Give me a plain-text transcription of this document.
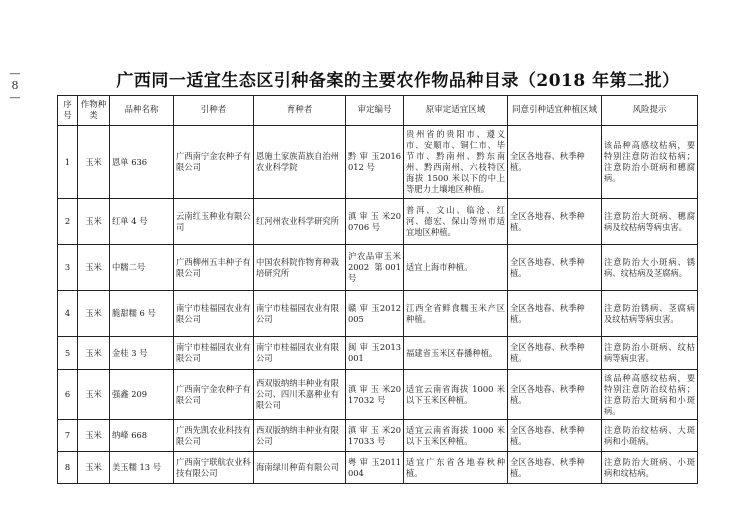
—
8
—
广西同一适宜生态区引种备案的主要农作物品种目录（2018 年第二批）
序号	作物种类	品种名称	引种者	育种者	审定编号	原审定适宜区域	同意引种适宜种植区域	风险提示
1	玉米	恩单 636	广西南宁金农种子有限公司	恩施土家族苗族自治州农业科学院	黔 审 玉2016012 号	贵州省的贵阳市、遵义市、安顺市、铜仁市、毕节市、黔南州、黔东南州、黔西南州、六枝特区海拔 1500 米以下的中上等肥力土壤地区种植。	全区各地春、秋季种植。	该品种高感纹枯病，要特别注意防治纹枯病；注意防治小斑病和穗腐病。
2	玉米	红单 4 号	云南红玉种业有限公司	红河州农业科学研究所	滇 审 玉 米200706 号	普洱、文山、临沧、红河、德宏、保山等州市适宜地区种植。	全区各地春、秋季种植。	注意防治大斑病、穗腐病及纹枯病等病虫害。
3	玉米	中糯二号	广西柳州五丰种子有限公司	中国农科院作物育种栽培研究所	沪农品审玉米 2002 第001 号	适宜上海市种植。	全区各地春、秋季种植。	注意防治大小斑病、锈病、纹枯病及茎腐病。
4	玉米	脆甜糯 6 号	南宁市桂福园农业有限公司	南宁市桂福园农业有限公司	赣 审 玉2012005	江西全省鲜食糯玉米产区种植。	全区各地春、秋季种植。	注意防治锈病、茎腐病及纹枯病等病虫害。
5	玉米	金桂 3 号	南宁市桂福园农业有限公司	南宁市桂福园农业有限公司	闽 审 玉2013001	福建省玉米区春播种植。	全区各地春、秋季种植。	注意防治小斑病、纹枯病等病虫害。
6	玉米	强鑫 209	广西南宁金农种子有限公司	西双版纳纳丰种业有限公司、四川禾嘉种业有限公司	滇 审 玉 米2017032 号	适宜云南省海拔 1000 米以下玉米区种植。	全区各地春、秋季种植。	该品种高感纹枯病，要特别注意防治纹枯病；注意防治大斑病和小斑病。
7	玉米	纳峰 668	广西先凯农业科技有限公司	西双版纳纳丰种业有限公司	滇 审 玉 米2017033 号	适宜云南省海拔 1000 米以下玉米区种植。	全区各地春、秋季种植。	注意防治纹枯病、大斑病和小斑病。
8	玉米	美玉糯 13 号	广西南宁联航农业科技有限公司	海南绿川种苗有限公司	粤 审 玉2011004	适宜广东省各地春秋种植。	全区各地春、秋季种植。	注意防治大斑病、小斑病和纹枯病。
